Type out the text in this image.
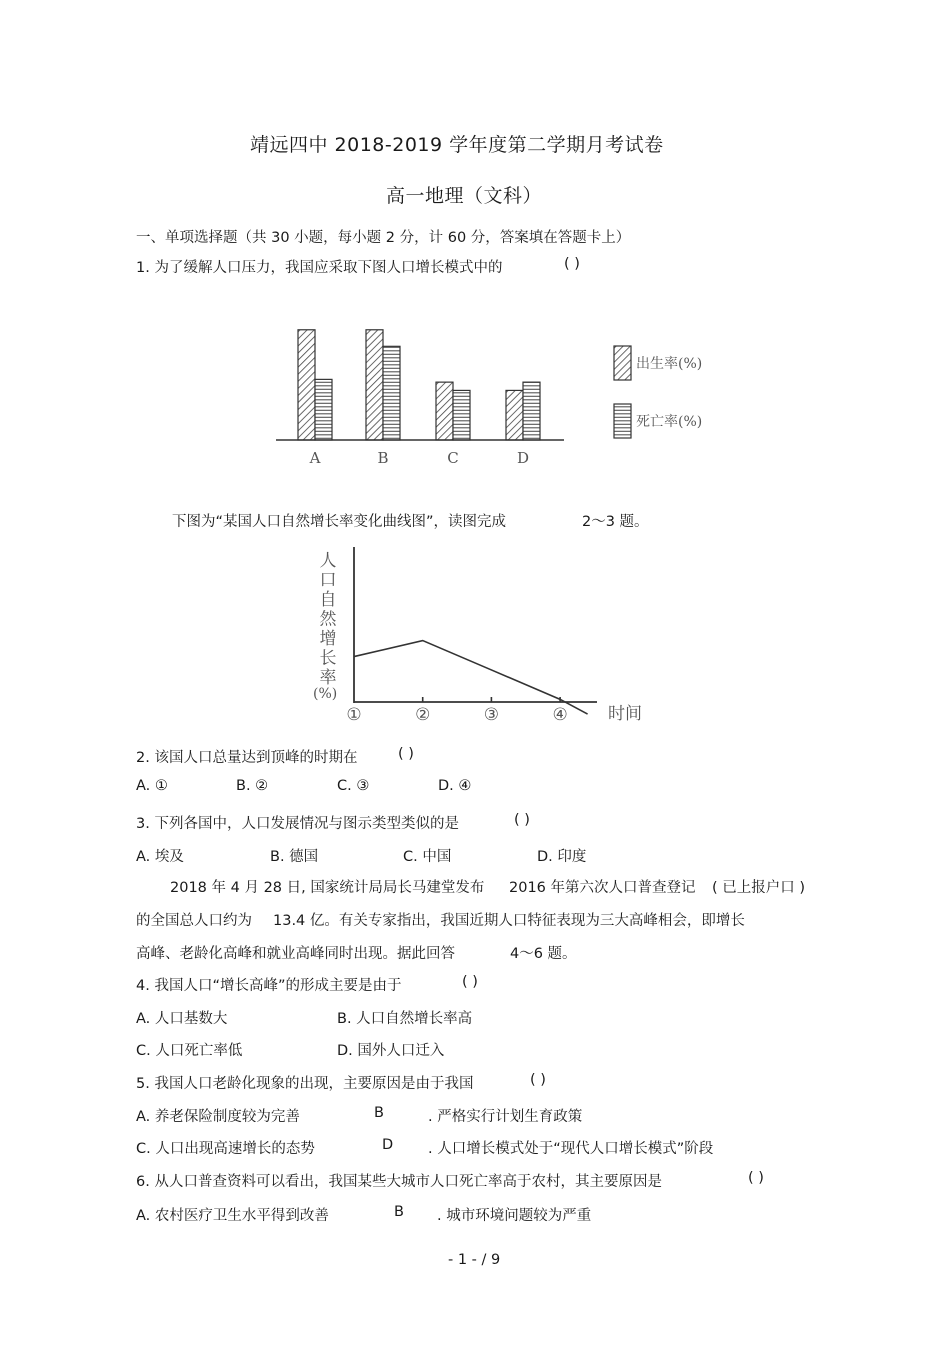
靖远四中 2018-2019 学年度第二学期月考试卷
高一地理（文科）
一、单项选择题（共 30 小题，每小题 2 分，计 60 分，答案填在答题卡上）
1. 为了缓解人口压力，我国应采取下图人口增长模式中的	( )
A	B	C	D
出生率(%)
死亡率(%)
下图为“某国人口自然增长率变化曲线图”，读图完成	2～3 题。
人
口
自
然
增
长
率
(%)
①	②	③	④ 时间
2. 该国人口总量达到顶峰的时期在	( )
A. ①	B. ②	C. ③	D. ④
3. 下列各国中，人口发展情况与图示类型类似的是	( )
A. 埃及	B. 德国	C. 中国	D. 印度
2018 年 4 月 28 日, 国家统计局局长马建堂发布 2016 年第六次人口普查登记 ( 已上报户口 )
的全国总人口约为 13.4 亿。有关专家指出，我国近期人口特征表现为三大高峰相会，即增长
高峰、老龄化高峰和就业高峰同时出现。据此回答	4～6 题。
4. 我国人口“增长高峰”的形成主要是由于	( )
A. 人口基数大	B. 人口自然增长率高
C. 人口死亡率低	D. 国外人口迁入
5. 我国人口老龄化现象的出现，主要原因是由于我国	( )
A. 养老保险制度较为完善	B	. 严格实行计划生育政策
C. 人口出现高速增长的态势	D . 人口增长模式处于“现代人口增长模式”阶段
6. 从人口普查资料可以看出，我国某些大城市人口死亡率高于农村，其主要原因是	( )
A. 农村医疗卫生水平得到改善	B . 城市环境问题较为严重
- 1 - / 9
